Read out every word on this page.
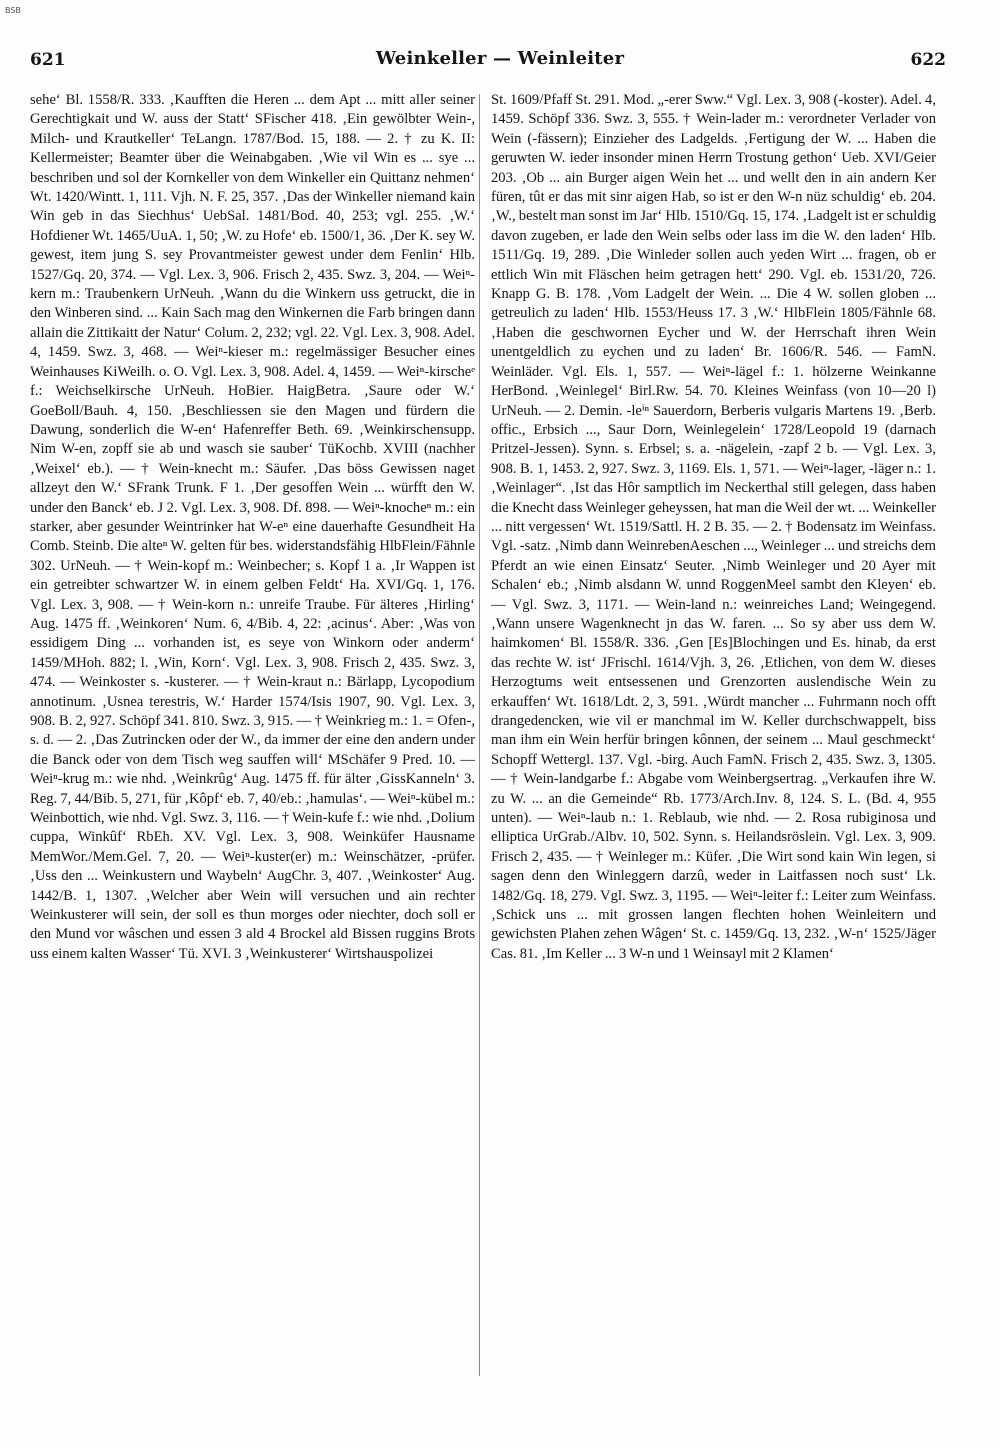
BSB
621	Weinkeller — Weinleiter	622

sehe‘ Bl. 1558/R. 333. ‚Kaufften die Heren ... dem Apt ... mitt aller seiner Gerechtigkait und W. auss der Statt‘ SFischer 418. ‚Ein gewölbter Wein-, Milch- und Krautkeller‘ TeLangn. 1787/Bod. 15, 188. — 2. † zu K. II: Kellermeister; Beamter über die Weinabgaben. ‚Wie vil Win es ... sye ... beschriben und sol der Kornkeller von dem Winkeller ein Quittanz nehmen‘ Wt. 1420/Wintt. 1, 111. Vjh. N. F. 25, 357. ‚Das der Winkeller niemand kain Win geb in das Siechhus‘ UebSal. 1481/Bod. 40, 253; vgl. 255. ‚W.‘ Hofdiener Wt. 1465/UuA. 1, 50; ‚W. zu Hofe‘ eb. 1500/1, 36. ‚Der K. sey W. gewest, item jung S. sey Provantmeister gewest under dem Fenlin‘ Hlb. 1527/Gq. 20, 374. — Vgl. Lex. 3, 906. Frisch 2, 435. Swz. 3, 204. — Weiⁿ-kern m.: Traubenkern UrNeuh. ‚Wann du die Winkern uss getruckt, die in den Winberen sind. ... Kain Sach mag den Winkernen die Farb bringen dann allain die Zittikaitt der Natur‘ Colum. 2, 232; vgl. 22. Vgl. Lex. 3, 908. Adel. 4, 1459. Swz. 3, 468. — Weiⁿ-kieser m.: regelmässiger Besucher eines Weinhauses KiWeilh. o. O. Vgl. Lex. 3, 908. Adel. 4, 1459. — Weiⁿ-kirscheᵉ f.: Weichselkirsche UrNeuh. HoBier. HaigBetra. ‚Saure oder W.‘ GoeBoll/Bauh. 4, 150. ‚Beschliessen sie den Magen und fürdern die Dawung, sonderlich die W-en‘ Hafenreffer Beth. 69. ‚Weinkirschensupp. Nim W-en, zopff sie ab und wasch sie sauber‘ TüKochb. XVIII (nachher ‚Weixel‘ eb.). — † Wein-knecht m.: Säufer. ‚Das böss Gewissen naget allzeyt den W.‘ SFrank Trunk. F 1. ‚Der gesoffen Wein ... würfft den W. under den Banck‘ eb. J 2. Vgl. Lex. 3, 908. Df. 898. — Weiⁿ-knocheⁿ m.: ein starker, aber gesunder Weintrinker hat W-eⁿ eine dauerhafte Gesundheit Ha Comb. Steinb. Die alteⁿ W. gelten für bes. widerstandsfähig HlbFlein/Fähnle 302. UrNeuh. — † Wein-kopf m.: Weinbecher; s. Kopf 1 a. ‚Ir Wappen ist ein getreibter schwartzer W. in einem gelben Feldt‘ Ha. XVI/Gq. 1, 176. Vgl. Lex. 3, 908. — † Wein-korn n.: unreife Traube. Für älteres ‚Hirling‘ Aug. 1475 ff. ‚Weinkoren‘ Num. 6, 4/Bib. 4, 22: ‚acinus‘. Aber: ‚Was von essidigem Ding ... vorhanden ist, es seye von Winkorn oder anderm‘ 1459/MHoh. 882; l. ‚Win, Korn‘. Vgl. Lex. 3, 908. Frisch 2, 435. Swz. 3, 474. — Weinkoster s. -kusterer. — † Wein-kraut n.: Bärlapp, Lycopodium annotinum. ‚Usnea terestris, W.‘ Harder 1574/Isis 1907, 90. Vgl. Lex. 3, 908. B. 2, 927. Schöpf 341. 810. Swz. 3, 915. — † Weinkrieg m.: 1. = Ofen-, s. d. — 2. ‚Das Zutrincken oder der W., da immer der eine den andern under die Banck oder von dem Tisch weg sauffen will‘ MSchäfer 9 Pred. 10. — Weiⁿ-krug m.: wie nhd. ‚Weinkrûg‘ Aug. 1475 ff. für älter ‚GissKanneln‘ 3. Reg. 7, 44/Bib. 5, 271, für ‚Kôpf‘ eb. 7, 40/eb.: ‚hamulas‘. — Weiⁿ-kübel m.: Weinbottich, wie nhd. Vgl. Swz. 3, 116. — † Wein-kufe f.: wie nhd. ‚Dolium cuppa, Winkûf‘ RbEh. XV. Vgl. Lex. 3, 908. Weinküfer Hausname MemWor./Mem.Gel. 7, 20. — Weiⁿ-kuster(er) m.: Weinschätzer, -prüfer. ‚Uss den ... Weinkustern und Waybeln‘ AugChr. 3, 407. ‚Weinkoster‘ Aug. 1442/B. 1, 1307. ‚Welcher aber Wein will versuchen und ain rechter Weinkusterer will sein, der soll es thun morges oder niechter, doch soll er den Mund vor wâschen und essen 3 ald 4 Brockel ald Bissen ruggins Brots uss einem kalten Wasser‘ Tü. XVI. 3 ‚Weinkusterer‘ Wirtshauspolizei

St. 1609/Pfaff St. 291. Mod. „-erer Sww.“ Vgl. Lex. 3, 908 (-koster). Adel. 4, 1459. Schöpf 336. Swz. 3, 555. † Wein-lader m.: verordneter Verlader von Wein (-fässern); Einzieher des Ladgelds. ‚Fertigung der W. ... Haben die geruwten W. ieder insonder minen Herrn Trostung gethon‘ Ueb. XVI/Geier 203. ‚Ob ... ain Burger aigen Wein het ... und wellt den in ain andern Ker füren, tût er das mit sinr aigen Hab, so ist er den W-n nüz schuldig‘ eb. 204. ‚W., bestelt man sonst im Jar‘ Hlb. 1510/Gq. 15, 174. ‚Ladgelt ist er schuldig davon zugeben, er lade den Wein selbs oder lass im die W. den laden‘ Hlb. 1511/Gq. 19, 289. ‚Die Winleder sollen auch yeden Wirt ... fragen, ob er ettlich Win mit Fläschen heim getragen hett‘ 290. Vgl. eb. 1531/20, 726. Knapp G. B. 178. ‚Vom Ladgelt der Wein. ... Die 4 W. sollen globen ... getreulich zu laden‘ Hlb. 1553/Heuss 17. 3 ‚W.‘ HlbFlein 1805/Fähnle 68. ‚Haben die geschwornen Eycher und W. der Herrschaft ihren Wein unentgeldlich zu eychen und zu laden‘ Br. 1606/R. 546. — FamN. Weinläder. Vgl. Els. 1, 557. — Weiⁿ-lägel f.: 1. hölzerne Weinkanne HerBond. ‚Weinlegel‘ Birl.Rw. 54. 70. Kleines Weinfass (von 10—20 l) UrNeuh. — 2. Demin. -leⁱⁿ Sauerdorn, Berberis vulgaris Martens 19. ‚Berb. offic., Erbsich ..., Saur Dorn, Weinlegelein‘ 1728/Leopold 19 (darnach Pritzel-Jessen). Synn. s. Erbsel; s. a. -nägelein, -zapf 2 b. — Vgl. Lex. 3, 908. B. 1, 1453. 2, 927. Swz. 3, 1169. Els. 1, 571. — Weiⁿ-lager, -läger n.: 1. ‚Weinlager“. ‚Ist das Hôr samptlich im Neckerthal still gelegen, dass haben die Knecht dass Weinleger geheyssen, hat man die Weil der wt. ... Weinkeller ... nitt vergessen‘ Wt. 1519/Sattl. H. 2 B. 35. — 2. † Bodensatz im Weinfass. Vgl. -satz. ‚Nimb dann WeinrebenAeschen ..., Weinleger ... und streichs dem Pferdt an wie einen Einsatz‘ Seuter. ‚Nimb Weinleger und 20 Ayer mit Schalen‘ eb.; ‚Nimb alsdann W. unnd RoggenMeel sambt den Kleyen‘ eb. — Vgl. Swz. 3, 1171. — Wein-land n.: weinreiches Land; Weingegend. ‚Wann unsere Wagenknecht jn das W. faren. ... So sy aber uss dem W. haimkomen‘ Bl. 1558/R. 336. ‚Gen [Es]Blochingen und Es. hinab, da erst das rechte W. ist‘ JFrischl. 1614/Vjh. 3, 26. ‚Etlichen, von dem W. dieses Herzogtums weit entsessenen und Grenzorten auslendische Wein zu erkauffen‘ Wt. 1618/Ldt. 2, 3, 591. ‚Würdt mancher ... Fuhrmann noch offt drangedencken, wie vil er manchmal im W. Keller durchschwappelt, biss man ihm ein Wein herfür bringen kônnen, der seinem ... Maul geschmeckt‘ Schopff Wettergl. 137. Vgl. -birg. Auch FamN. Frisch 2, 435. Swz. 3, 1305. — † Wein-landgarbe f.: Abgabe vom Weinbergsertrag. „Verkaufen ihre W. zu W. ... an die Gemeinde“ Rb. 1773/Arch.Inv. 8, 124. S. L. (Bd. 4, 955 unten). — Weiⁿ-laub n.: 1. Reblaub, wie nhd. — 2. Rosa rubiginosa und elliptica UrGrab./Albv. 10, 502. Synn. s. Heilandsröslein. Vgl. Lex. 3, 909. Frisch 2, 435. — † Weinleger m.: Küfer. ‚Die Wirt sond kain Win legen, si sagen denn den Winleggern darzû, weder in Laitfassen noch sust‘ Lk. 1482/Gq. 18, 279. Vgl. Swz. 3, 1195. — Weiⁿ-leiter f.: Leiter zum Weinfass. ‚Schick uns ... mit grossen langen flechten hohen Weinleitern und gewichsten Plahen zehen Wâgen‘ St. c. 1459/Gq. 13, 232. ‚W-n‘ 1525/Jäger Cas. 81. ‚Im Keller ... 3 W-n und 1 Weinsayl mit 2 Klamen‘
